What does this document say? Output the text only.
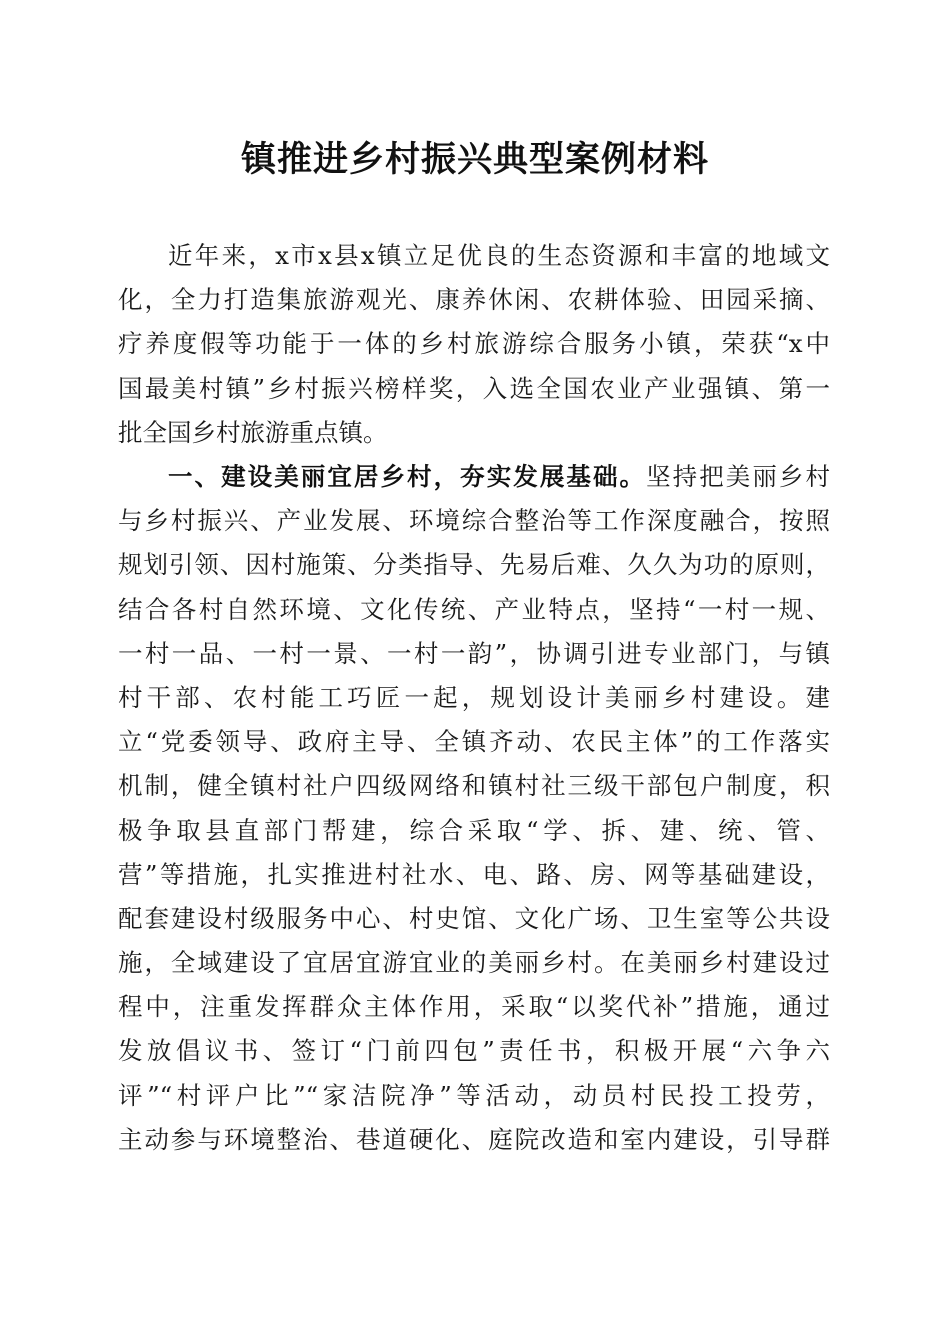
镇推进乡村振兴典型案例材料
近年来，x市x县x镇立足优良的生态资源和丰富的地域文
化，全力打造集旅游观光、康养休闲、农耕体验、田园采摘、
疗养度假等功能于一体的乡村旅游综合服务小镇，荣获“x中
国最美村镇”乡村振兴榜样奖，入选全国农业产业强镇、第一
批全国乡村旅游重点镇。
一、建设美丽宜居乡村，夯实发展基础。坚持把美丽乡村
与乡村振兴、产业发展、环境综合整治等工作深度融合，按照
规划引领、因村施策、分类指导、先易后难、久久为功的原则，
结合各村自然环境、文化传统、产业特点，坚持“一村一规、
一村一品、一村一景、一村一韵”，协调引进专业部门，与镇
村干部、农村能工巧匠一起，规划设计美丽乡村建设。建
立“党委领导、政府主导、全镇齐动、农民主体”的工作落实
机制，健全镇村社户四级网络和镇村社三级干部包户制度，积
极争取县直部门帮建，综合采取“学、拆、建、统、管、
营”等措施，扎实推进村社水、电、路、房、网等基础建设，
配套建设村级服务中心、村史馆、文化广场、卫生室等公共设
施，全域建设了宜居宜游宜业的美丽乡村。在美丽乡村建设过
程中，注重发挥群众主体作用，采取“以奖代补”措施，通过
发放倡议书、签订“门前四包”责任书，积极开展“六争六
评”“村评户比”“家洁院净”等活动，动员村民投工投劳，
主动参与环境整治、巷道硬化、庭院改造和室内建设，引导群
